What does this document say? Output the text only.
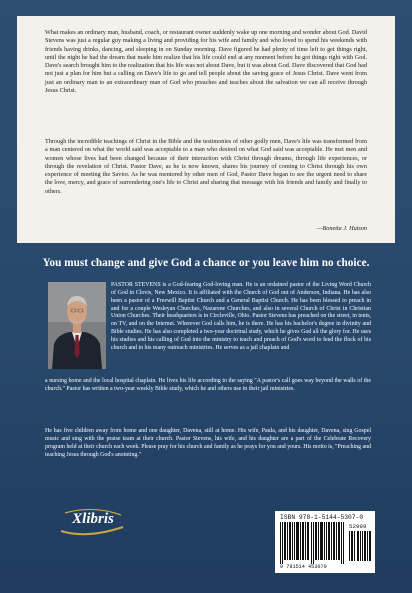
What makes an ordinary man, husband, coach, or restaurant owner suddenly wake up one morning and wonder about God. David Stevens was just a regular guy making a living and providing for his wife and family and who loved to spend his weekends with friends having drinks, dancing, and sleeping in on Sunday morning. Dave figured he had plenty of time left to get things right, until the night he had the dream that made him realize that his life could end at any moment before he got things right with God. Dave's search brought him to the realization that his life was not about Dave, but it was about God. Dave discovered that God had not just a plan for him but a calling on Dave's life to go and tell people about the saving grace of Jesus Christ. Dave went from just an ordinary man to an extraordinary man of God who preaches and teaches about the salvation we can all receive through Jesus Christ.

Through the incredible teachings of Christ in the Bible and the testimonies of other godly men, Dave's life was transformed from a man centered on what the world said was acceptable to a man who desired on what God said was acceptable. He met men and women whose lives had been changed because of their interaction with Christ through dreams, through life experiences, or through the revelation of Christ. Pastor Dave, as he is now known, shares his journey of coming to Christ through his own experience of meeting the Savior. As he was mentored by other men of God, Pastor Dave began to see the urgent need to share the love, mercy, and grace of surrendering one's life to Christ and sharing that message with his friends and family and finally to others.

—Bonetta J. Hutson
You must change and give God a chance or you leave him no choice.

PASTOR STEVENS is a God-fearing God-loving man. He is an ordained pastor of the Living Word Church of God in Clovis, New Mexico. It is affiliated with the Church of God out of Anderson, Indiana. He has also been a pastor of a Freewill Baptist Church and a General Baptist Church. He has been blessed to preach in and for a couple Wesleyan Churches, Nazarene Churches, and also in several Church of Christ in Christian Union Churches. Their headquarters is in Circleville, Ohio. Pastor Stevens has preached on the street, in tents, on TV, and on the Internet. Wherever God calls him, he is there. He has his bachelor's degree in divinity and Bible studies. He has also completed a two-year doctrinal study, which he gives God all the glory for. He uses his studies and his calling of God into the ministry to teach and preach of God's word to feed the flock of his church and in his many outreach ministries. He serves as a jail chaplain and

a nursing home and the local hospital chaplain. He lives his life according to the saying "A pastor's call goes way beyond the walls of the church." Pastor has written a two-year weekly Bible study, which he and others use in their jail ministries.

He has five children away from home and one daughter, Davena, still at home. His wife, Paula, and his daughter, Davena, sing Gospel music and sing with the praise team at their church. Pastor Stevens, his wife, and his daughter are a part of the Celebrate Recovery program held at their church each week. Please pray for his church and family as he prays for you and yours. His motto is, "Preaching and teaching Jesus through God's anointing."

Xlibris	ISBN 978-1-5144-5307-0
52999
9 781514 453070
